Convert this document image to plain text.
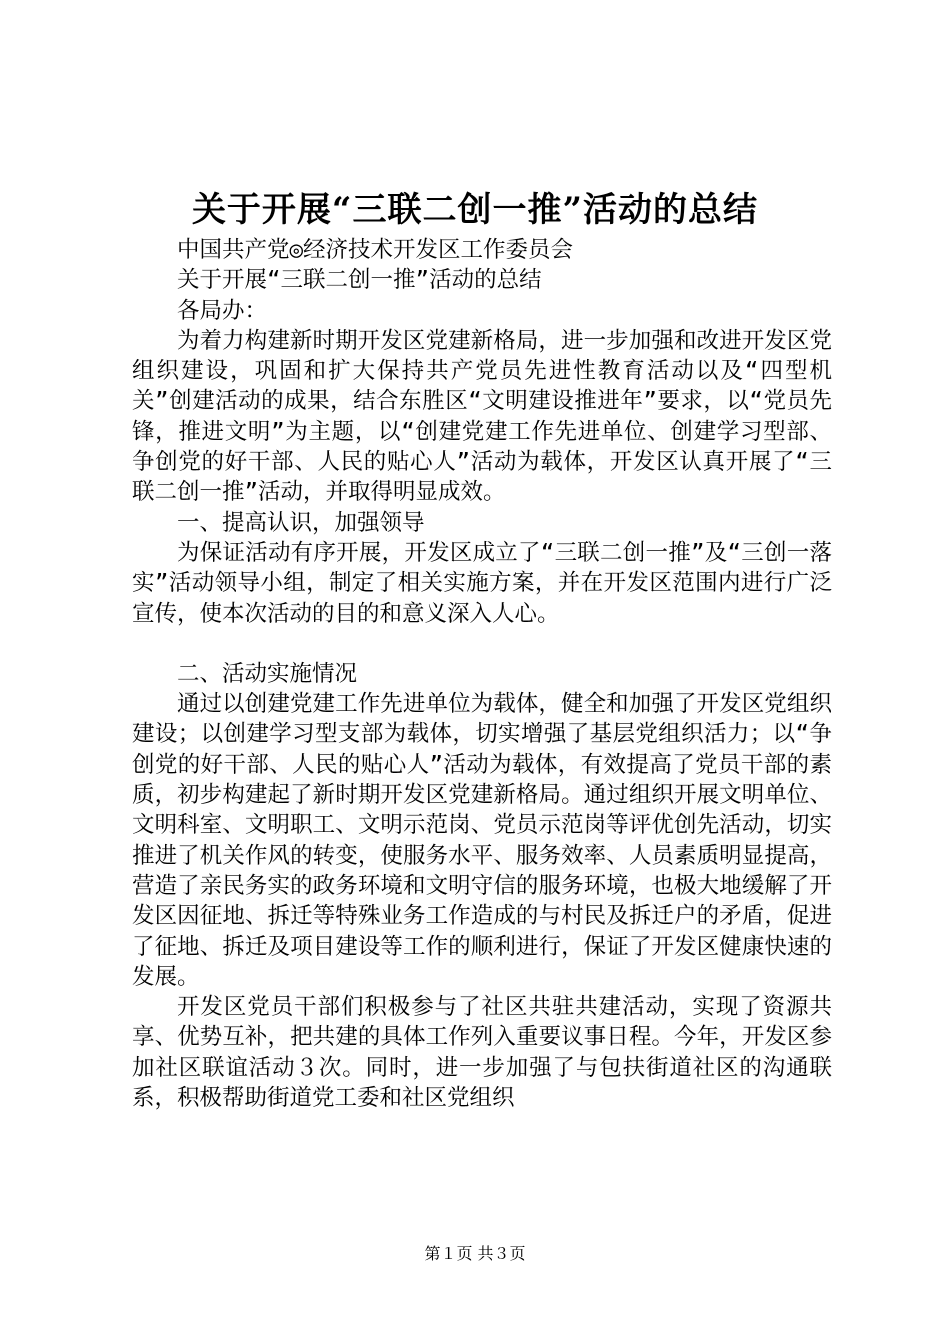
关于开展“三联二创一推”活动的总结

中国共产党◎经济技术开发区工作委员会

关于开展“三联二创一推”活动的总结

各局办：

为着力构建新时期开发区党建新格局，进一步加强和改进开发区党组织建设，巩固和扩大保持共产党员先进性教育活动以及“四型机关”创建活动的成果，结合东胜区“文明建设推进年”要求，以“党员先锋，推进文明”为主题，以“创建党建工作先进单位、创建学习型部、争创党的好干部、人民的贴心人”活动为载体，开发区认真开展了“三联二创一推”活动，并取得明显成效。

一、提高认识，加强领导

为保证活动有序开展，开发区成立了“三联二创一推”及“三创一落实”活动领导小组，制定了相关实施方案，并在开发区范围内进行广泛宣传，使本次活动的目的和意义深入人心。

二、活动实施情况

通过以创建党建工作先进单位为载体，健全和加强了开发区党组织建设；以创建学习型支部为载体，切实增强了基层党组织活力；以“争创党的好干部、人民的贴心人”活动为载体，有效提高了党员干部的素质，初步构建起了新时期开发区党建新格局。通过组织开展文明单位、文明科室、文明职工、文明示范岗、党员示范岗等评优创先活动，切实推进了机关作风的转变，使服务水平、服务效率、人员素质明显提高，营造了亲民务实的政务环境和文明守信的服务环境，也极大地缓解了开发区因征地、拆迁等特殊业务工作造成的与村民及拆迁户的矛盾，促进了征地、拆迁及项目建设等工作的顺利进行，保证了开发区健康快速的发展。

开发区党员干部们积极参与了社区共驻共建活动，实现了资源共享、优势互补，把共建的具体工作列入重要议事日程。今年，开发区参加社区联谊活动３次。同时，进一步加强了与包扶街道社区的沟通联系，积极帮助街道党工委和社区党组织

第１页 共３页
